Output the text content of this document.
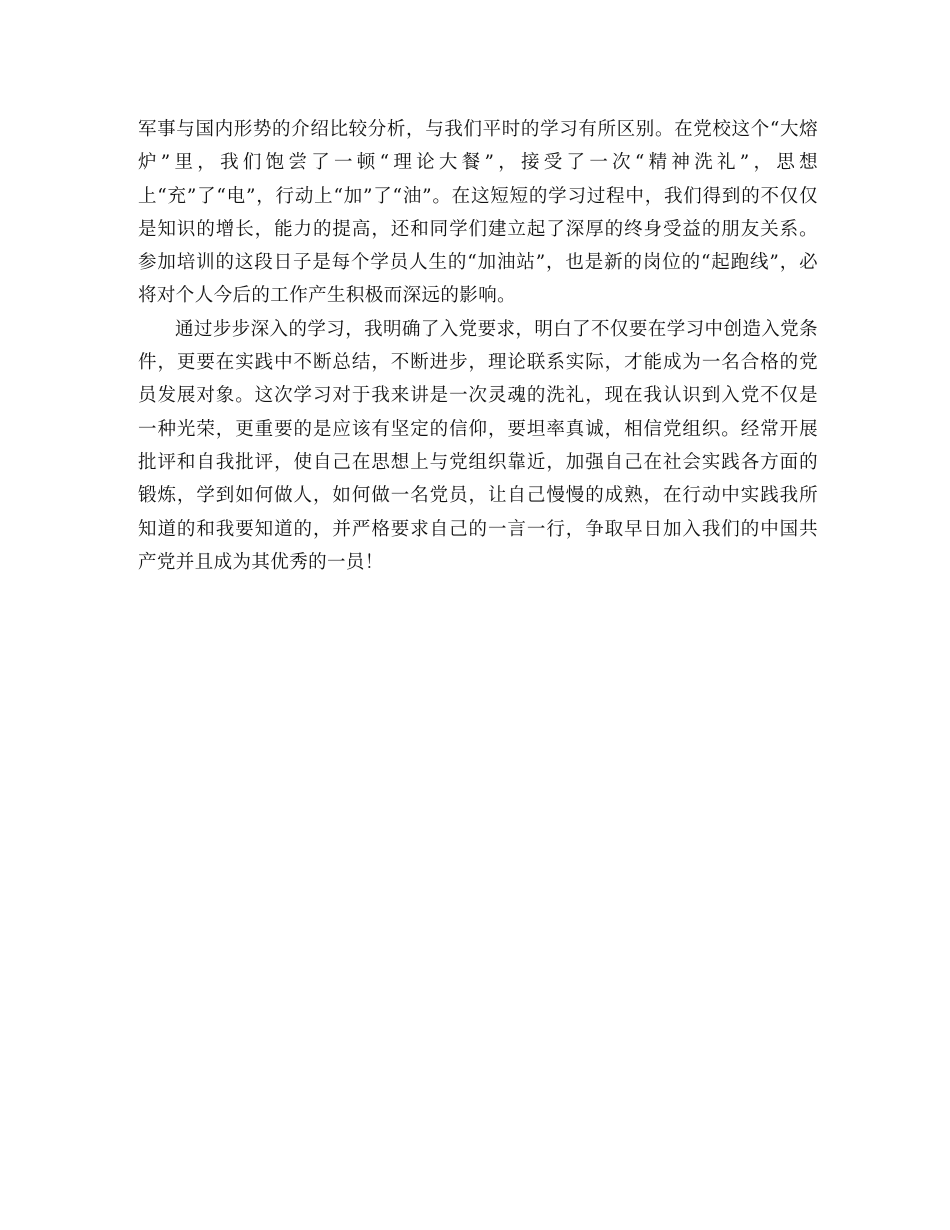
军事与国内形势的介绍比较分析，与我们平时的学习有所区别。在党校这个“大熔炉”里，我们饱尝了一顿“理论大餐”，接受了一次“精神洗礼”，思想上“充”了“电”，行动上“加”了“油”。在这短短的学习过程中，我们得到的不仅仅是知识的增长，能力的提高，还和同学们建立起了深厚的终身受益的朋友关系。参加培训的这段日子是每个学员人生的“加油站”，也是新的岗位的“起跑线”，必将对个人今后的工作产生积极而深远的影响。

通过步步深入的学习，我明确了入党要求，明白了不仅要在学习中创造入党条件，更要在实践中不断总结，不断进步，理论联系实际，才能成为一名合格的党员发展对象。这次学习对于我来讲是一次灵魂的洗礼，现在我认识到入党不仅是一种光荣，更重要的是应该有坚定的信仰，要坦率真诚，相信党组织。经常开展批评和自我批评，使自己在思想上与党组织靠近，加强自己在社会实践各方面的锻炼，学到如何做人，如何做一名党员，让自己慢慢的成熟，在行动中实践我所知道的和我要知道的，并严格要求自己的一言一行，争取早日加入我们的中国共产党并且成为其优秀的一员！
